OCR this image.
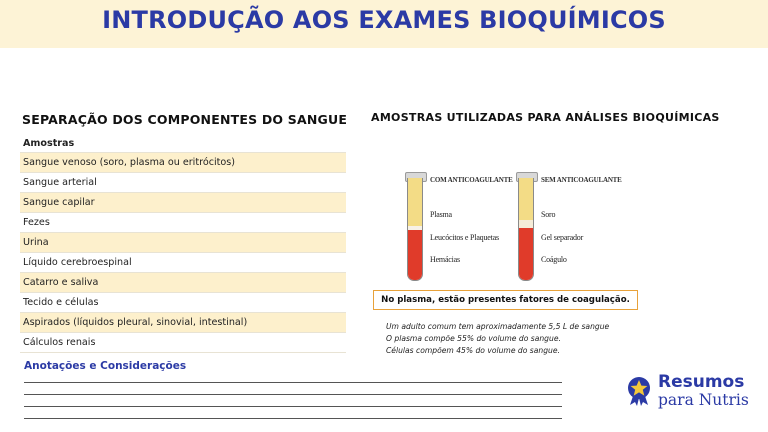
INTRODUÇÃO AOS EXAMES BIOQUÍMICOS
SEPARAÇÃO DOS COMPONENTES DO SANGUE
Amostras
Sangue venoso (soro, plasma ou eritrócitos)
Sangue arterial
Sangue capilar
Fezes
Urina
Líquido cerebroespinal
Catarro e saliva
Tecido e células
Aspirados (líquidos pleural, sinovial, intestinal)
Cálculos renais
Anotações e Considerações
AMOSTRAS UTILIZADAS PARA ANÁLISES BIOQUÍMICAS
COM ANTICOAGULANTE
Plasma
Leucócitos e Plaquetas
Hemácias
SEM ANTICOAGULANTE
Soro
Gel separador
Coágulo
No plasma, estão presentes fatores de coagulação.
Um adulto comum tem aproximadamente 5,5 L de sangue
O plasma compõe 55% do volume do sangue.
Células compõem 45% do volume do sangue.
Resumos
para Nutris
